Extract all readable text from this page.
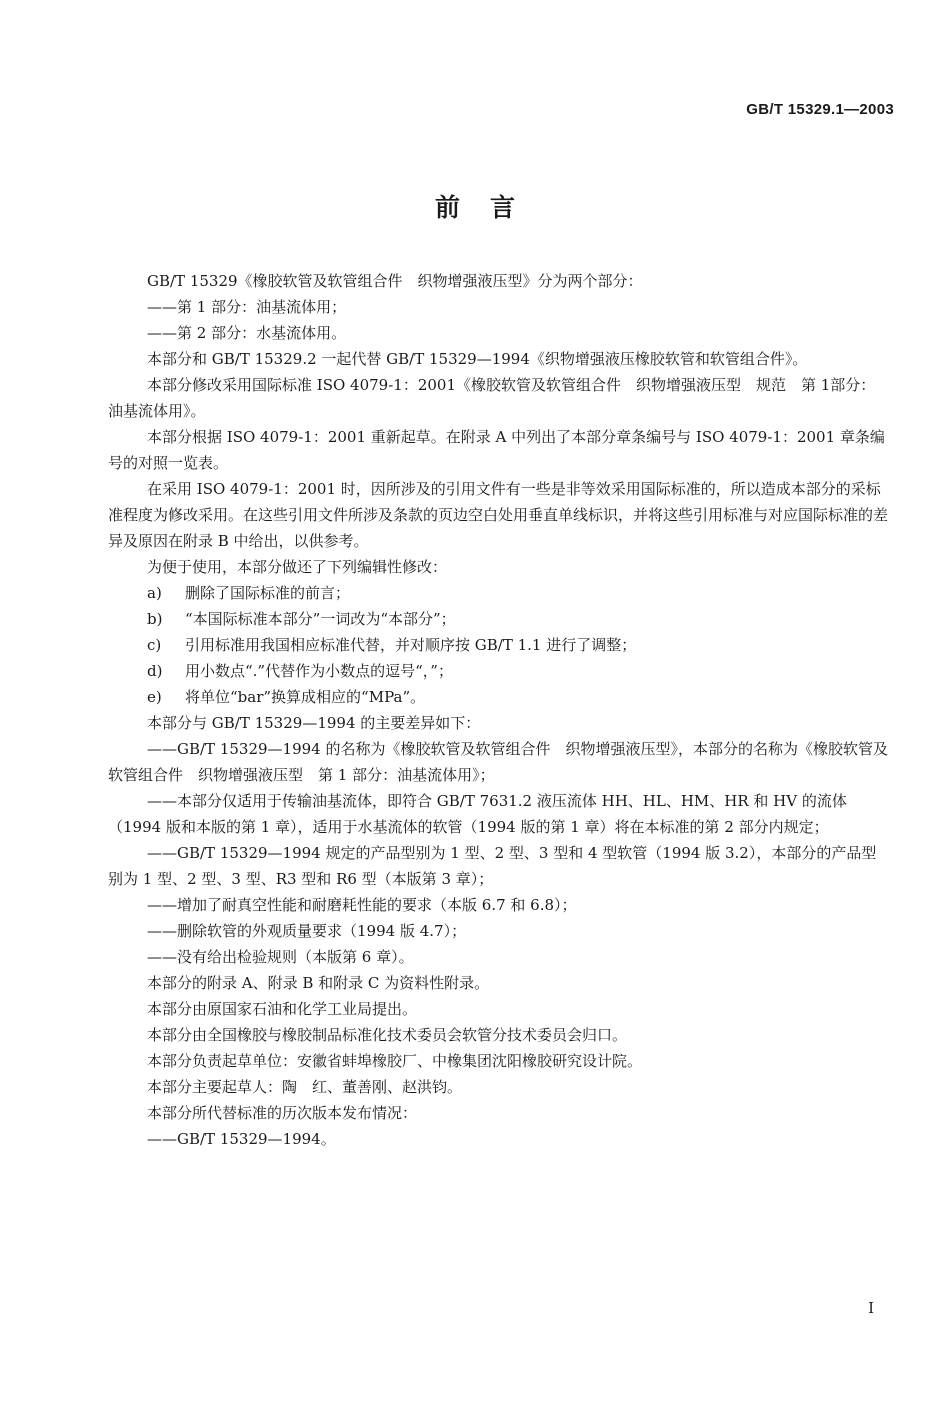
GB/T 15329.1—2003
前言

GB/T 15329《橡胶软管及软管组合件　织物增强液压型》分为两个部分：

——第 1 部分：油基流体用；

——第 2 部分：水基流体用。

本部分和 GB/T 15329.2 一起代替 GB/T 15329—1994《织物增强液压橡胶软管和软管组合件》。

本部分修改采用国际标准 ISO 4079-1：2001《橡胶软管及软管组合件　织物增强液压型　规范　第 1部分：油基流体用》。

本部分根据 ISO 4079-1：2001 重新起草。在附录 A 中列出了本部分章条编号与 ISO 4079-1：2001 章条编号的对照一览表。

在采用 ISO 4079-1：2001 时，因所涉及的引用文件有一些是非等效采用国际标准的，所以造成本部分的采标准程度为修改采用。在这些引用文件所涉及条款的页边空白处用垂直单线标识，并将这些引用标准与对应国际标准的差异及原因在附录 B 中给出，以供参考。

为便于使用，本部分做还了下列编辑性修改：

a) 删除了国际标准的前言；

b) “本国际标准本部分”一词改为“本部分”；

c) 引用标准用我国相应标准代替，并对顺序按 GB/T 1.1 进行了调整；

d) 用小数点“.”代替作为小数点的逗号“，”；

e) 将单位“bar”换算成相应的“MPa”。

本部分与 GB/T 15329—1994 的主要差异如下：

——GB/T 15329—1994 的名称为《橡胶软管及软管组合件　织物增强液压型》，本部分的名称为《橡胶软管及软管组合件　织物增强液压型　第 1 部分：油基流体用》；

——本部分仅适用于传输油基流体，即符合 GB/T 7631.2 液压流体 HH、HL、HM、HR 和 HV 的流体（1994 版和本版的第 1 章），适用于水基流体的软管（1994 版的第 1 章）将在本标准的第 2 部分内规定；

——GB/T 15329—1994 规定的产品型别为 1 型、2 型、3 型和 4 型软管（1994 版 3.2），本部分的产品型别为 1 型、2 型、3 型、R3 型和 R6 型（本版第 3 章）；

——增加了耐真空性能和耐磨耗性能的要求（本版 6.7 和 6.8）；

——删除软管的外观质量要求（1994 版 4.7）；

——没有给出检验规则（本版第 6 章）。

本部分的附录 A、附录 B 和附录 C 为资料性附录。

本部分由原国家石油和化学工业局提出。

本部分由全国橡胶与橡胶制品标准化技术委员会软管分技术委员会归口。

本部分负责起草单位：安徽省蚌埠橡胶厂、中橡集团沈阳橡胶研究设计院。

本部分主要起草人：陶　红、董善刚、赵洪钧。

本部分所代替标准的历次版本发布情况：

——GB/T 15329—1994。

I
